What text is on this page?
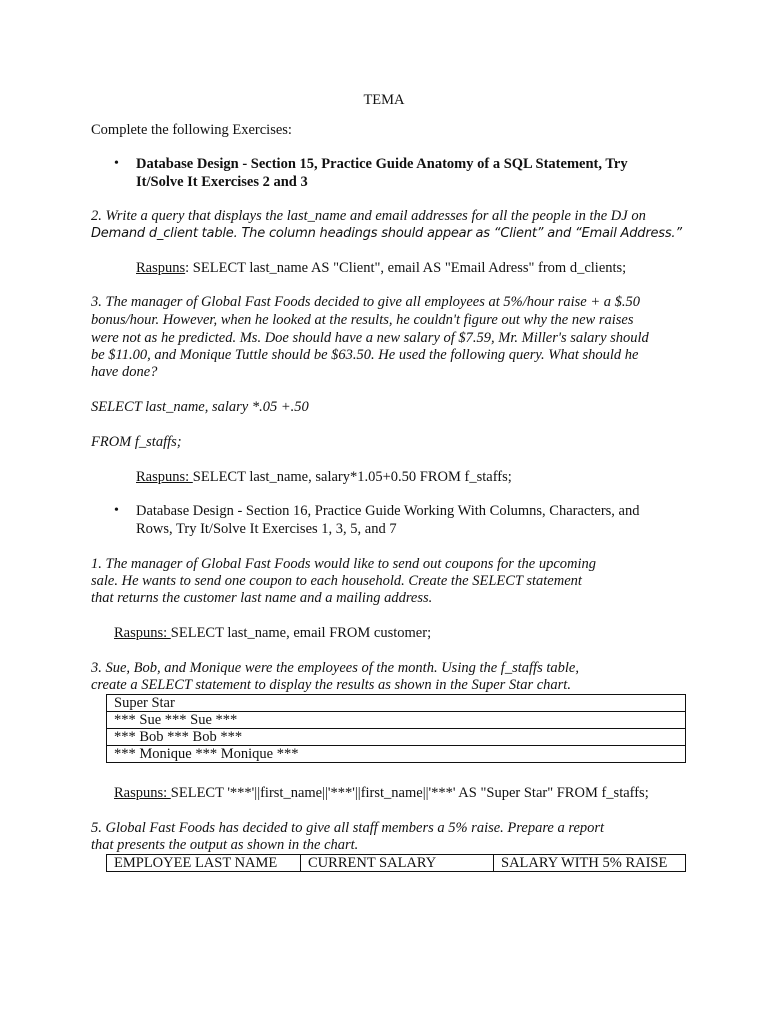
TEMA
Complete the following Exercises:
• Database Design - Section 15, Practice Guide Anatomy of a SQL Statement, Try
It/Solve It Exercises 2 and 3
2. Write a query that displays the last_name and email addresses for all the people in the DJ on
Demand d_client table. The column headings should appear as “Client” and “Email Address.”
Raspuns: SELECT last_name AS "Client", email AS "Email Adress" from d_clients;
3. The manager of Global Fast Foods decided to give all employees at 5%/hour raise + a $.50
bonus/hour. However, when he looked at the results, he couldn't figure out why the new raises
were not as he predicted. Ms. Doe should have a new salary of $7.59, Mr. Miller's salary should
be $11.00, and Monique Tuttle should be $63.50. He used the following query. What should he
have done?
SELECT last_name, salary *.05 +.50
FROM f_staffs;
Raspuns: SELECT last_name, salary*1.05+0.50 FROM f_staffs;
• Database Design - Section 16, Practice Guide Working With Columns, Characters, and
Rows, Try It/Solve It Exercises 1, 3, 5, and 7
1. The manager of Global Fast Foods would like to send out coupons for the upcoming
sale. He wants to send one coupon to each household. Create the SELECT statement
that returns the customer last name and a mailing address.
Raspuns: SELECT last_name, email FROM customer;
3. Sue, Bob, and Monique were the employees of the month. Using the f_staffs table,
create a SELECT statement to display the results as shown in the Super Star chart.
Super Star
*** Sue *** Sue ***
*** Bob *** Bob ***
*** Monique *** Monique ***
Raspuns: SELECT '***'||first_name||'***'||first_name||'***' AS "Super Star" FROM f_staffs;
5. Global Fast Foods has decided to give all staff members a 5% raise. Prepare a report
that presents the output as shown in the chart.
EMPLOYEE LAST NAME	CURRENT SALARY	SALARY WITH 5% RAISE
